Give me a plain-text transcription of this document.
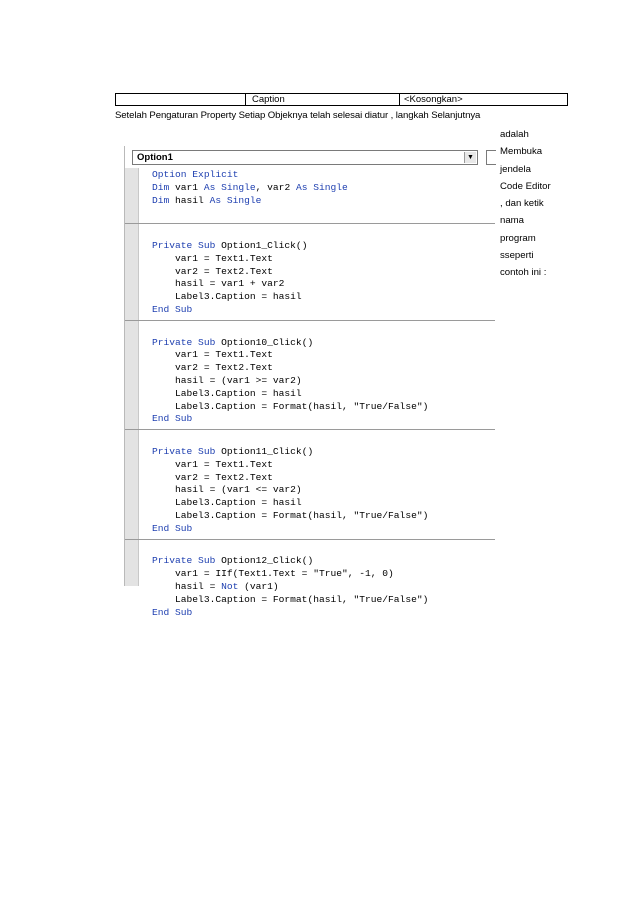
Caption	<Kosongkan>
Setelah Pengaturan Property Setiap Objeknya telah selesai diatur , langkah Selanjutnya
adalah
Membuka
jendela
Code Editor
, dan ketik
nama
program
sseperti
contoh ini :
Option1	▼
Option Explicit
Dim var1 As Single, var2 As Single
Dim hasil As Single
Private Sub Option1_Click()
var1 = Text1.Text
var2 = Text2.Text
hasil = var1 + var2
Label3.Caption = hasil
End Sub
Private Sub Option10_Click()
var1 = Text1.Text
var2 = Text2.Text
hasil = (var1 >= var2)
Label3.Caption = hasil
Label3.Caption = Format(hasil, "True/False")
End Sub
Private Sub Option11_Click()
var1 = Text1.Text
var2 = Text2.Text
hasil = (var1 <= var2)
Label3.Caption = hasil
Label3.Caption = Format(hasil, "True/False")
End Sub
Private Sub Option12_Click()
var1 = IIf(Text1.Text = "True", -1, 0)
hasil = Not (var1)
Label3.Caption = Format(hasil, "True/False")
End Sub
